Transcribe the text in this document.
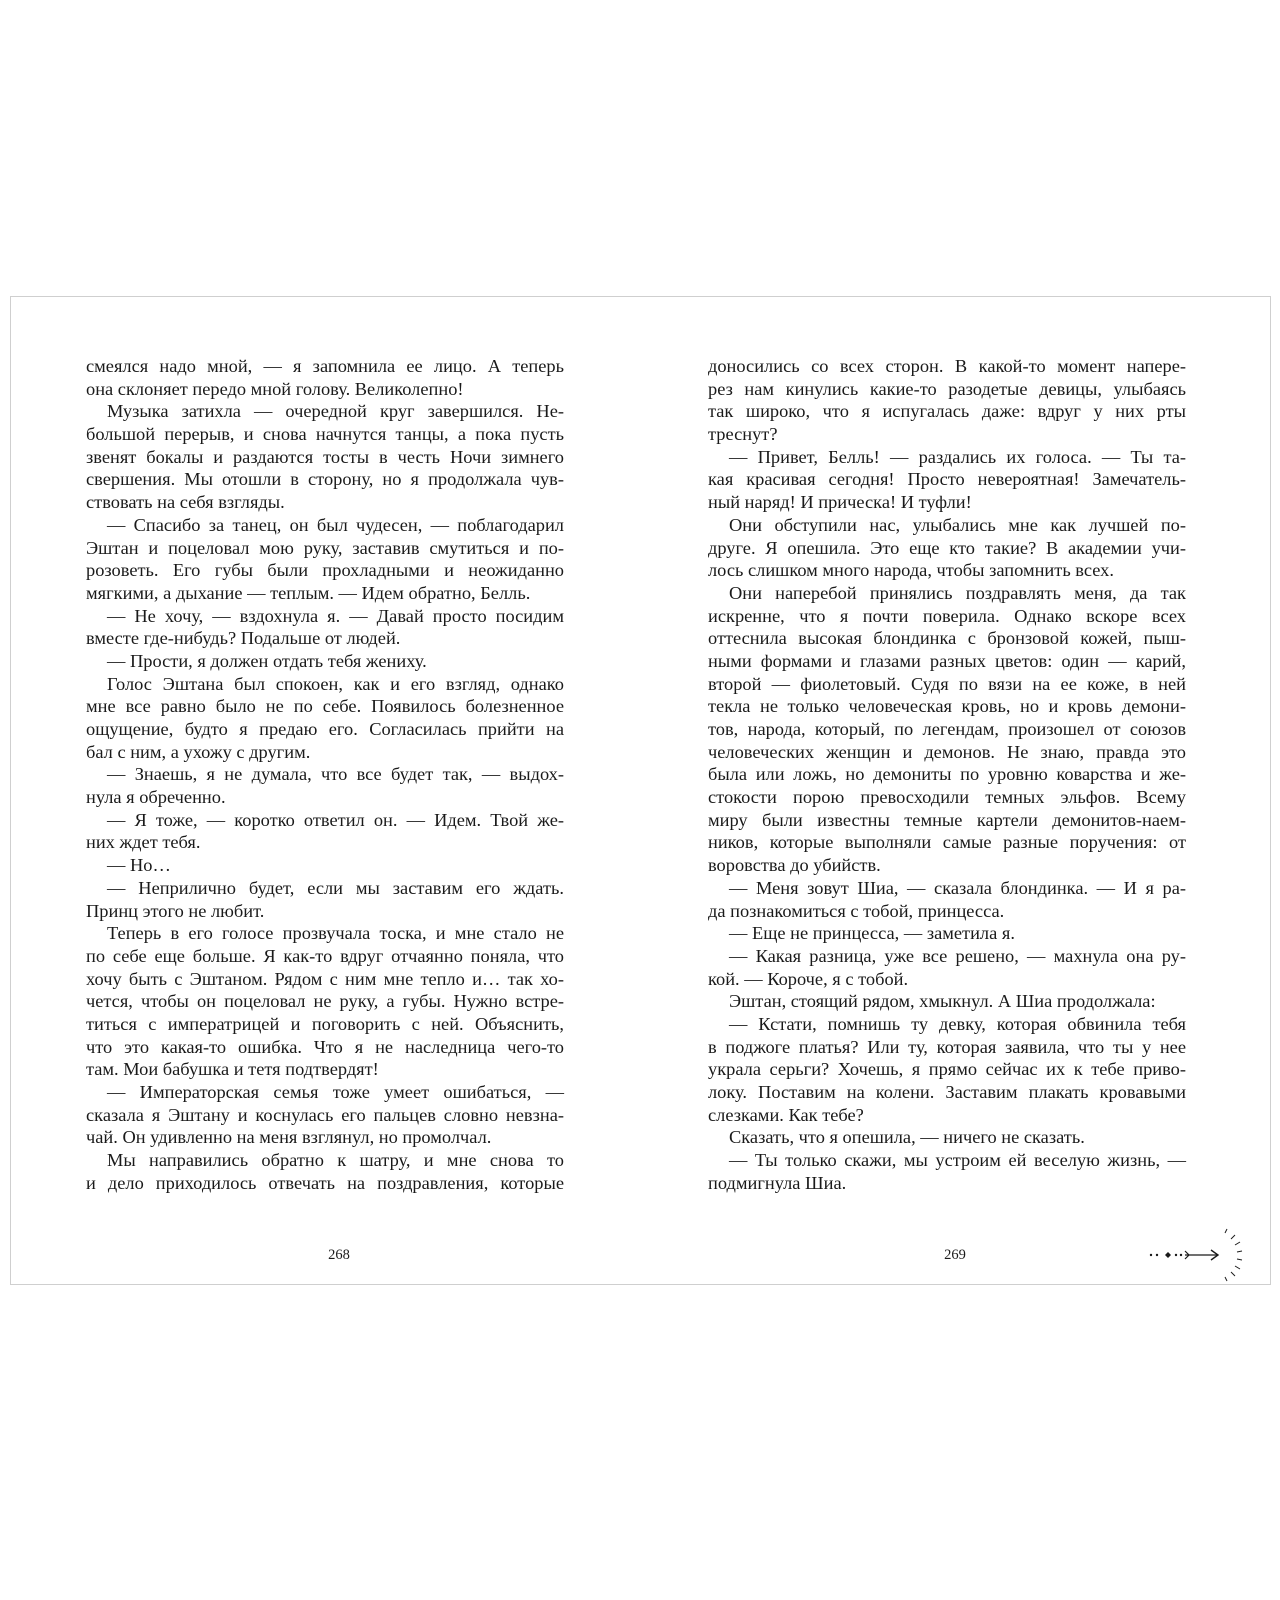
смеялся надо мной, — я запомнила ее лицо. А теперь
она склоняет передо мной голову. Великолепно!
Музыка затихла — очередной круг завершился. Не-
большой перерыв, и снова начнутся танцы, а пока пусть
звенят бокалы и раздаются тосты в честь Ночи зимнего
свершения. Мы отошли в сторону, но я продолжала чув-
ствовать на себя взгляды.
— Спасибо за танец, он был чудесен, — поблагодарил
Эштан и поцеловал мою руку, заставив смутиться и по-
розоветь. Его губы были прохладными и неожиданно
мягкими, а дыхание — теплым. — Идем обратно, Белль.
— Не хочу, — вздохнула я. — Давай просто посидим
вместе где-нибудь? Подальше от людей.
— Прости, я должен отдать тебя жениху.
Голос Эштана был спокоен, как и его взгляд, однако
мне все равно было не по себе. Появилось болезненное
ощущение, будто я предаю его. Согласилась прийти на
бал с ним, а ухожу с другим.
— Знаешь, я не думала, что все будет так, — выдох-
нула я обреченно.
— Я тоже, — коротко ответил он. — Идем. Твой же-
них ждет тебя.
— Но…
— Неприлично будет, если мы заставим его ждать.
Принц этого не любит.
Теперь в его голосе прозвучала тоска, и мне стало не
по себе еще больше. Я как-то вдруг отчаянно поняла, что
хочу быть с Эштаном. Рядом с ним мне тепло и… так хо-
чется, чтобы он поцеловал не руку, а губы. Нужно встре-
титься с императрицей и поговорить с ней. Объяснить,
что это какая-то ошибка. Что я не наследница чего-то
там. Мои бабушка и тетя подтвердят!
— Императорская семья тоже умеет ошибаться, —
сказала я Эштану и коснулась его пальцев словно невзна-
чай. Он удивленно на меня взглянул, но промолчал.
Мы направились обратно к шатру, и мне снова то
и дело приходилось отвечать на поздравления, которые
268
доносились со всех сторон. В какой-то момент напере-
рез нам кинулись какие-то разодетые девицы, улыбаясь
так широко, что я испугалась даже: вдруг у них рты
треснут?
— Привет, Белль! — раздались их голоса. — Ты та-
кая красивая сегодня! Просто невероятная! Замечатель-
ный наряд! И прическа! И туфли!
Они обступили нас, улыбались мне как лучшей по-
друге. Я опешила. Это еще кто такие? В академии учи-
лось слишком много народа, чтобы запомнить всех.
Они наперебой принялись поздравлять меня, да так
искренне, что я почти поверила. Однако вскоре всех
оттеснила высокая блондинка с бронзовой кожей, пыш-
ными формами и глазами разных цветов: один — карий,
второй — фиолетовый. Судя по вязи на ее коже, в ней
текла не только человеческая кровь, но и кровь демони-
тов, народа, который, по легендам, произошел от союзов
человеческих женщин и демонов. Не знаю, правда это
была или ложь, но демониты по уровню коварства и же-
стокости порою превосходили темных эльфов. Всему
миру были известны темные картели демонитов-наем-
ников, которые выполняли самые разные поручения: от
воровства до убийств.
— Меня зовут Шиа, — сказала блондинка. — И я ра-
да познакомиться с тобой, принцесса.
— Еще не принцесса, — заметила я.
— Какая разница, уже все решено, — махнула она ру-
кой. — Короче, я с тобой.
Эштан, стоящий рядом, хмыкнул. А Шиа продолжала:
— Кстати, помнишь ту девку, которая обвинила тебя
в поджоге платья? Или ту, которая заявила, что ты у нее
украла серьги? Хочешь, я прямо сейчас их к тебе приво-
локу. Поставим на колени. Заставим плакать кровавыми
слезками. Как тебе?
Сказать, что я опешила, — ничего не сказать.
— Ты только скажи, мы устроим ей веселую жизнь, —
подмигнула Шиа.
269
